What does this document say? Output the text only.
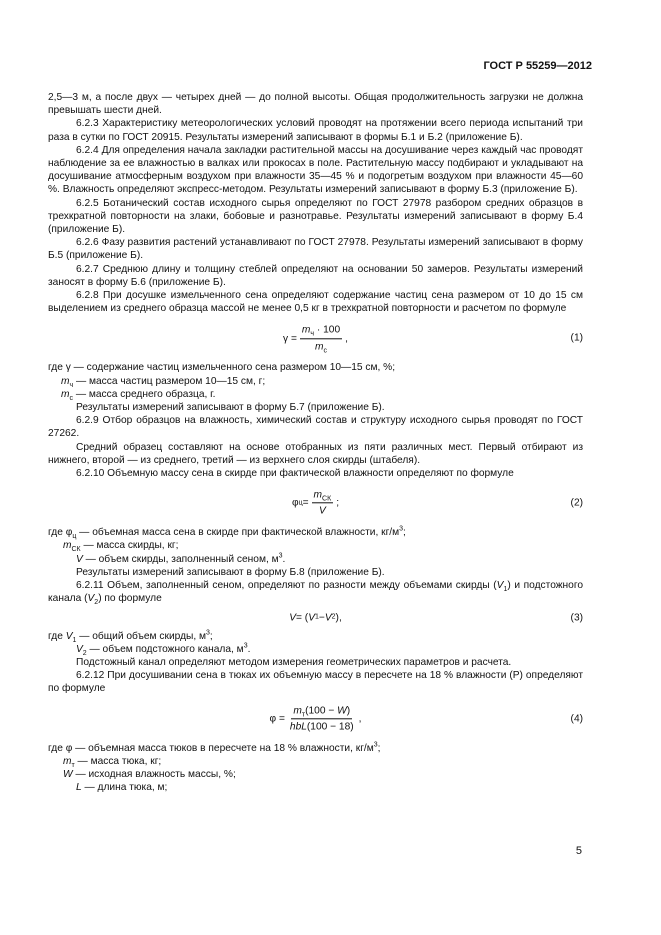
ГОСТ Р 55259—2012

2,5—3 м, а после двух — четырех дней — до полной высоты. Общая продолжительность загрузки не должна превышать шести дней.

6.2.3 Характеристику метеорологических условий проводят на протяжении всего периода испытаний три раза в сутки по ГОСТ 20915. Результаты измерений записывают в формы Б.1 и Б.2 (приложение Б).

6.2.4 Для определения начала закладки растительной массы на досушивание через каждый час проводят наблюдение за ее влажностью в валках или прокосах в поле. Растительную массу подбирают и укладывают на досушивание атмосферным воздухом при влажности 35—45 % и подогретым воздухом при влажности 45—60 %. Влажность определяют экспресс-методом. Результаты измерений записывают в форму Б.3 (приложение Б).

6.2.5 Ботанический состав исходного сырья определяют по ГОСТ 27978 разбором средних образцов в трехкратной повторности на злаки, бобовые и разнотравье. Результаты измерений записывают в форму Б.4 (приложение Б).

6.2.6 Фазу развития растений устанавливают по ГОСТ 27978. Результаты измерений записывают в форму Б.5 (приложение Б).

6.2.7 Среднюю длину и толщину стеблей определяют на основании 50 замеров. Результаты измерений заносят в форму Б.6 (приложение Б).

6.2.8 При досушке измельченного сена определяют содержание частиц сена размером от 10 до 15 см выделением из среднего образца массой не менее 0,5 кг в трехкратной повторности и расчетом по формуле

$\gamma = \frac{m_ч \cdot 100}{m_с}$ ,	(1)

где γ — содержание частиц измельченного сена размером 10—15 см, %;

$m_ч$ — масса частиц размером 10—15 см, г;

$m_с$ — масса среднего образца, г.

Результаты измерений записывают в форму Б.7 (приложение Б).

6.2.9 Отбор образцов на влажность, химический состав и структуру исходного сырья проводят по ГОСТ 27262.

Средний образец составляют на основе отобранных из пяти различных мест. Первый отбирают из нижнего, второй — из среднего, третий — из верхнего слоя скирды (штабеля).

6.2.10 Объемную массу сена в скирде при фактической влажности определяют по формуле

φ $ц = \frac{m_{СК}}{V}$ ;	(2)

где $\varphi_ц$ — объемная масса сена в скирде при фактической влажности, $кг/м^3$;

$m_{СК}$ — масса скирды, кг;

V — объем скирды, заполненный сеном, $м^3$.

Результаты измерений записывают в форму Б.8 (приложение Б).

6.2.11 Объем, заполненный сеном, определяют по разности между объемами скирды $(V_1)$ и подстожного канала $(V_2)$ по формуле

V = ( V 1 − V 2 ),	(3)

где $V_1$ — общий объем скирды, $м^3$;

$V_2$ — объем подстожного канала, $м^3$.

Подстожный канал определяют методом измерения геометрических параметров и расчета.

6.2.12 При досушивании сена в тюках их объемную массу в пересчете на 18 % влажности (P) определяют по формуле

$\varphi = \frac{m_т(100 - W)}{\text{hbL(100 − 18)}}$ ,	(4)

где φ — объемная масса тюков в пересчете на 18 % влажности, $кг/м^3$;

$m_т$ — масса тюка, кг;

W — исходная влажность массы, %;

L — длина тюка, м;

5
